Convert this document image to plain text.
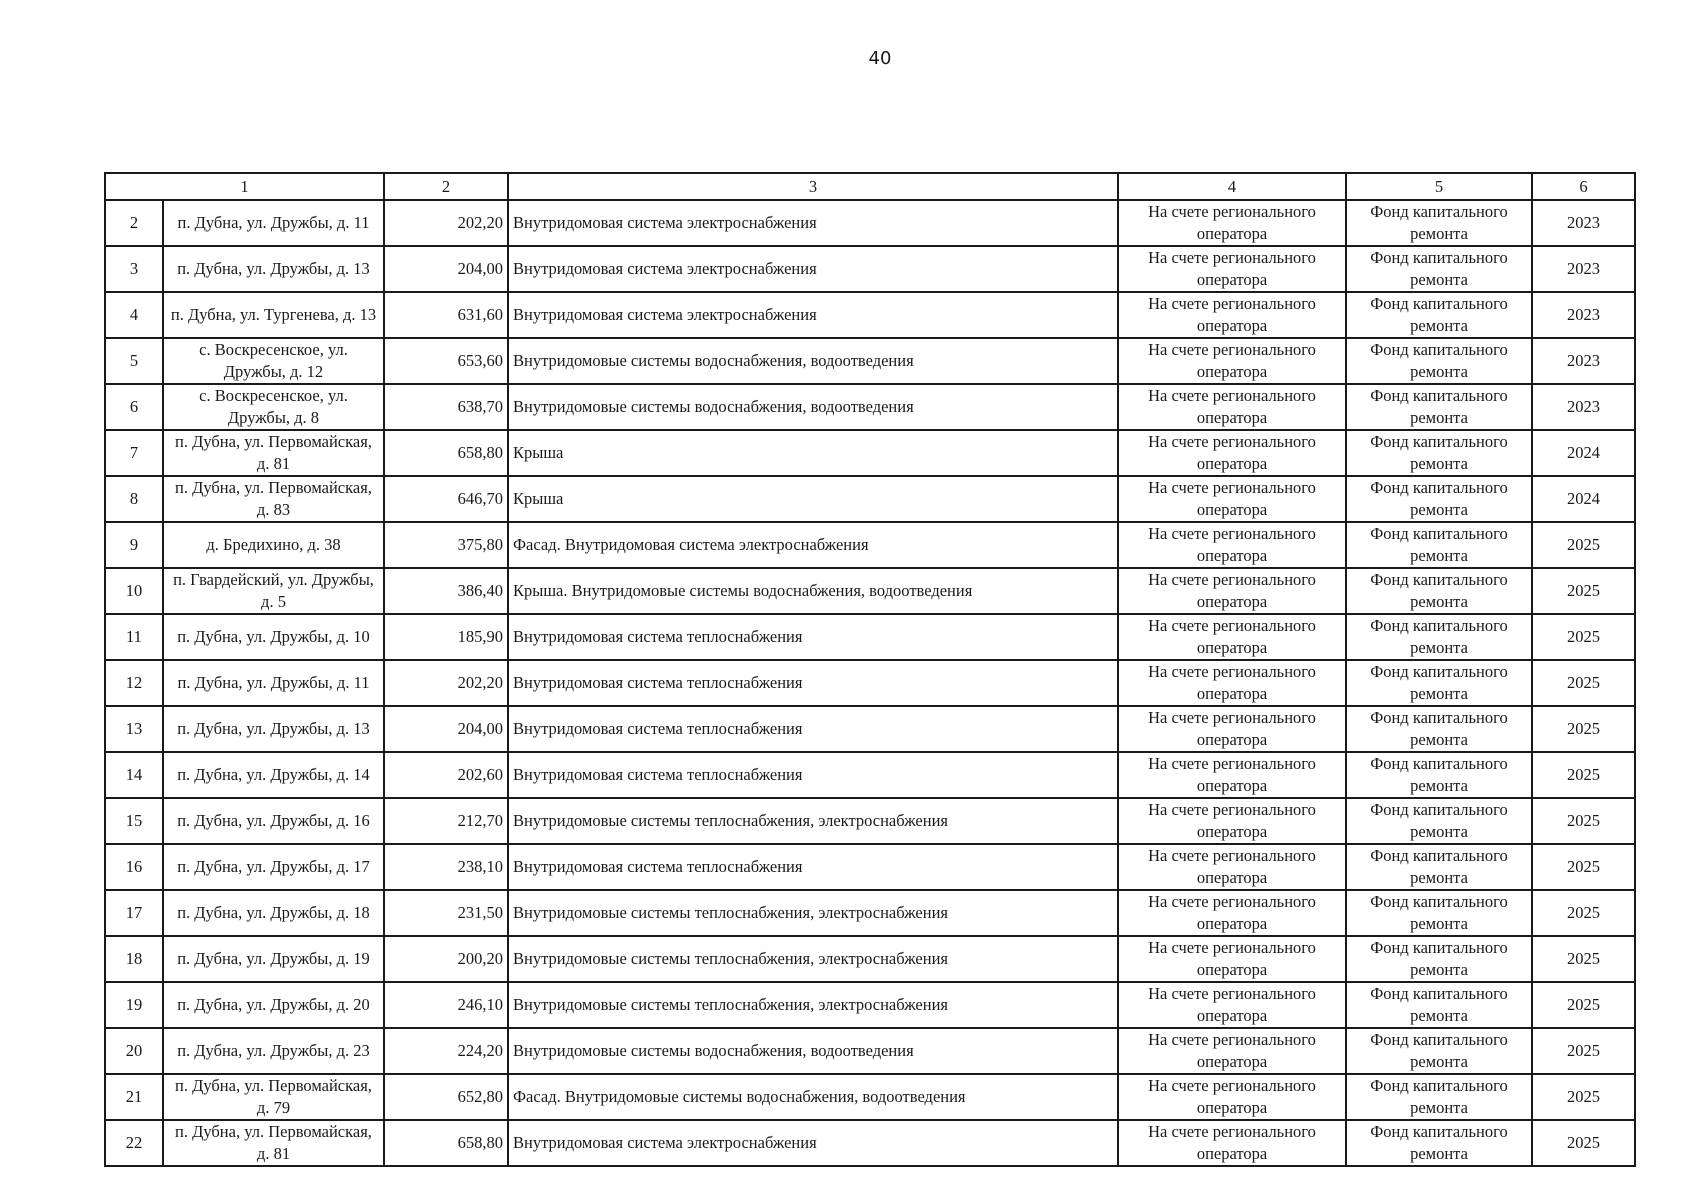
40
1		2	3	4	5	6
2	п. Дубна, ул. Дружбы, д. 11	202,20	Внутридомовая система электроснабжения	На счете регионального оператора	Фонд капитального ремонта	2023
3	п. Дубна, ул. Дружбы, д. 13	204,00	Внутридомовая система электроснабжения	На счете регионального оператора	Фонд капитального ремонта	2023
4	п. Дубна, ул. Тургенева, д. 13	631,60	Внутридомовая система электроснабжения	На счете регионального оператора	Фонд капитального ремонта	2023
5	с. Воскресенское, ул. Дружбы, д. 12	653,60	Внутридомовые системы водоснабжения, водоотведения	На счете регионального оператора	Фонд капитального ремонта	2023
6	с. Воскресенское, ул. Дружбы, д. 8	638,70	Внутридомовые системы водоснабжения, водоотведения	На счете регионального оператора	Фонд капитального ремонта	2023
7	п. Дубна, ул. Первомайская, д. 81	658,80	Крыша	На счете регионального оператора	Фонд капитального ремонта	2024
8	п. Дубна, ул. Первомайская, д. 83	646,70	Крыша	На счете регионального оператора	Фонд капитального ремонта	2024
9	д. Бредихино, д. 38	375,80	Фасад. Внутридомовая система электроснабжения	На счете регионального оператора	Фонд капитального ремонта	2025
10	п. Гвардейский, ул. Дружбы, д. 5	386,40	Крыша. Внутридомовые системы водоснабжения, водоотведения	На счете регионального оператора	Фонд капитального ремонта	2025
11	п. Дубна, ул. Дружбы, д. 10	185,90	Внутридомовая система теплоснабжения	На счете регионального оператора	Фонд капитального ремонта	2025
12	п. Дубна, ул. Дружбы, д. 11	202,20	Внутридомовая система теплоснабжения	На счете регионального оператора	Фонд капитального ремонта	2025
13	п. Дубна, ул. Дружбы, д. 13	204,00	Внутридомовая система теплоснабжения	На счете регионального оператора	Фонд капитального ремонта	2025
14	п. Дубна, ул. Дружбы, д. 14	202,60	Внутридомовая система теплоснабжения	На счете регионального оператора	Фонд капитального ремонта	2025
15	п. Дубна, ул. Дружбы, д. 16	212,70	Внутридомовые системы теплоснабжения, электроснабжения	На счете регионального оператора	Фонд капитального ремонта	2025
16	п. Дубна, ул. Дружбы, д. 17	238,10	Внутридомовая система теплоснабжения	На счете регионального оператора	Фонд капитального ремонта	2025
17	п. Дубна, ул. Дружбы, д. 18	231,50	Внутридомовые системы теплоснабжения, электроснабжения	На счете регионального оператора	Фонд капитального ремонта	2025
18	п. Дубна, ул. Дружбы, д. 19	200,20	Внутридомовые системы теплоснабжения, электроснабжения	На счете регионального оператора	Фонд капитального ремонта	2025
19	п. Дубна, ул. Дружбы, д. 20	246,10	Внутридомовые системы теплоснабжения, электроснабжения	На счете регионального оператора	Фонд капитального ремонта	2025
20	п. Дубна, ул. Дружбы, д. 23	224,20	Внутридомовые системы водоснабжения, водоотведения	На счете регионального оператора	Фонд капитального ремонта	2025
21	п. Дубна, ул. Первомайская, д. 79	652,80	Фасад. Внутридомовые системы водоснабжения, водоотведения	На счете регионального оператора	Фонд капитального ремонта	2025
22	п. Дубна, ул. Первомайская, д. 81	658,80	Внутридомовая система электроснабжения	На счете регионального оператора	Фонд капитального ремонта	2025
